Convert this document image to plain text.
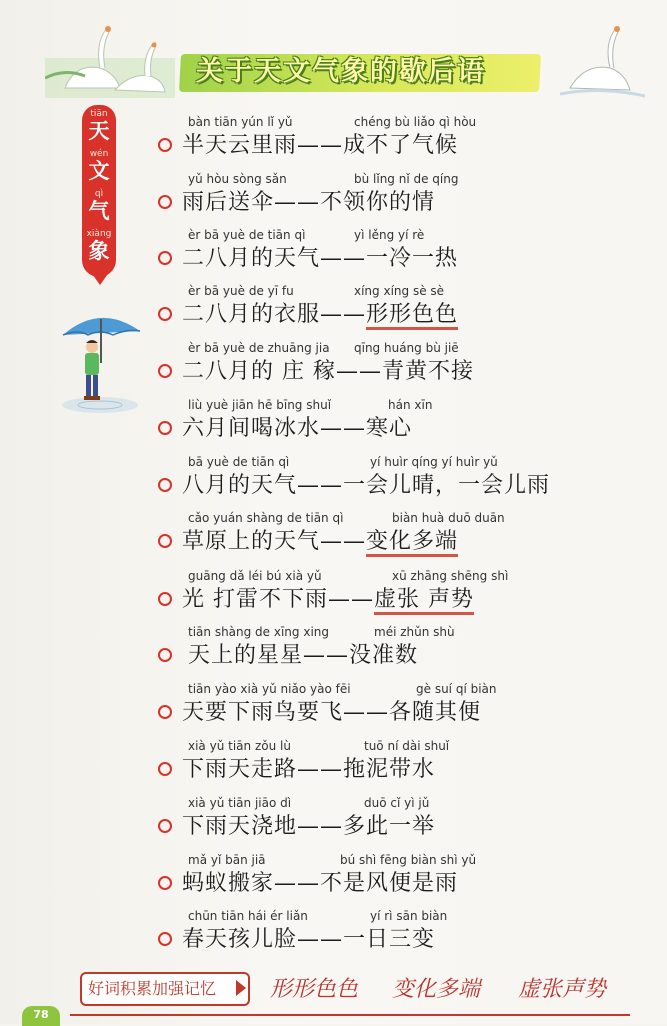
关于天文气象的歇后语
tiān
天
wén
文
qì
气
xiàng
象
bàn tiān yún lǐ yǔ	chéng bù liǎo qì hòu
半天云里雨——成不了气候
yǔ hòu sòng sǎn	bù lǐng nǐ de qíng
雨后送伞——不领你的情
èr bā yuè de tiān qì	yì lěng yí rè
二八月的天气——一冷一热
èr bā yuè de yī fu	xíng xíng sè sè
二八月的衣服——形形色色
èr bā yuè de zhuāng jia qīng huáng bù jiē
二八月的 庄 稼——青黄不接
liù yuè jiān hē bīng shuǐ	hán xīn
六月间喝冰水——寒心
bā yuè de tiān qì	yí huìr qíng yí huìr yǔ
八月的天气——一会儿晴，一会儿雨
cǎo yuán shàng de tiān qì	biàn huà duō duān
草原上的天气——变化多端
guāng dǎ léi bú xià yǔ	xū zhāng shēng shì
光 打雷不下雨——虚张 声势
tiān shàng de xīng xing	méi zhǔn shù
天上的星星——没准数
tiān yào xià yǔ niǎo yào fēi	gè suí qí biàn
天要下雨鸟要飞——各随其便
xià yǔ tiān zǒu lù	tuō ní dài shuǐ
下雨天走路——拖泥带水
xià yǔ tiān jiāo dì	duō cǐ yì jǔ
下雨天浇地——多此一举
mǎ yǐ bān jiā	bú shì fēng biàn shì yǔ
蚂蚁搬家——不是风便是雨
chūn tiān hái ér liǎn	yí rì sān biàn
春天孩儿脸——一日三变
好词积累加强记忆	形形色色 变化多端 虚张声势
78
